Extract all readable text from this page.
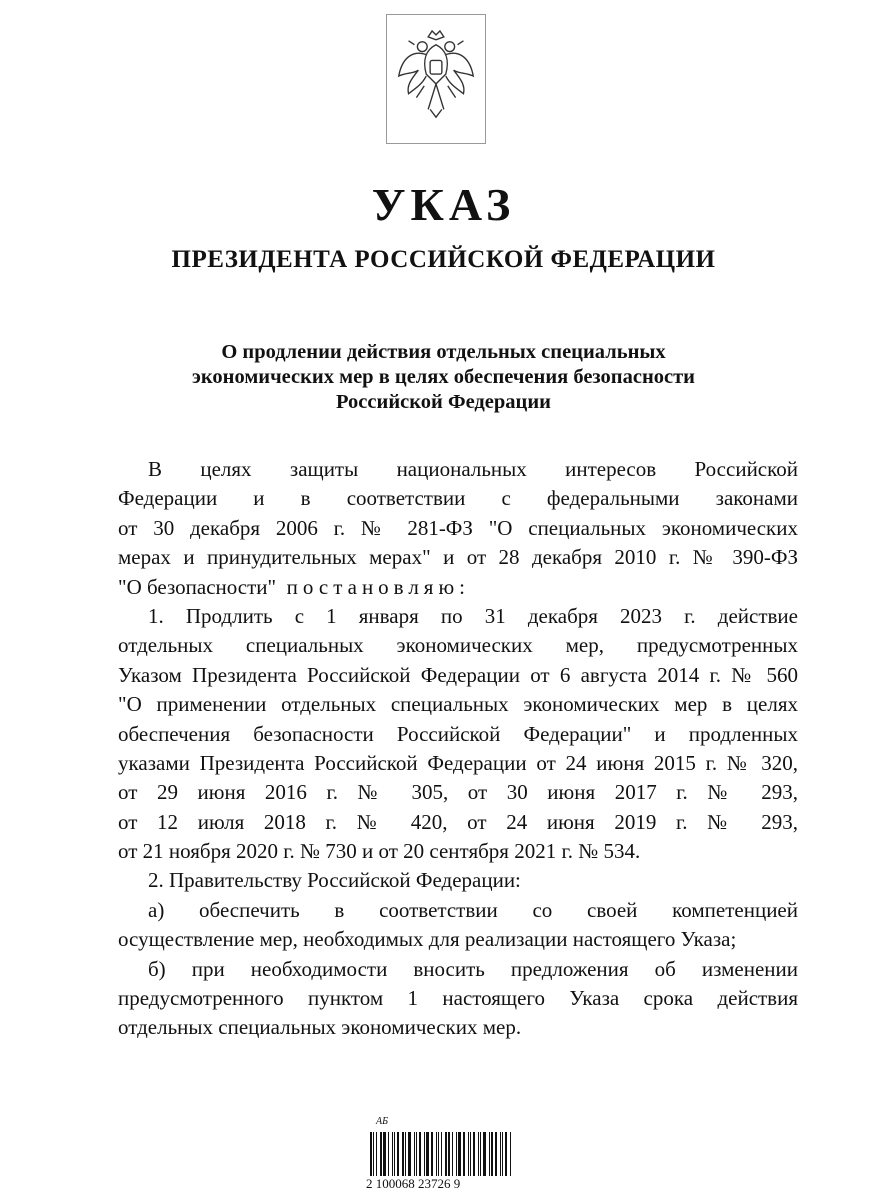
УКАЗ
ПРЕЗИДЕНТА РОССИЙСКОЙ ФЕДЕРАЦИИ
О продлении действия отдельных специальных
экономических мер в целях обеспечения безопасности
Российской Федерации
В целях защиты национальных интересов Российской
Федерации и в соответствии с федеральными законами
от 30 декабря 2006 г. № 281-ФЗ "О специальных экономических
мерах и принудительных мерах" и от 28 декабря 2010 г. № 390-ФЗ
"О безопасности" постановляю:
1. Продлить с 1 января по 31 декабря 2023 г. действие
отдельных специальных экономических мер, предусмотренных
Указом Президента Российской Федерации от 6 августа 2014 г. № 560
"О применении отдельных специальных экономических мер в целях
обеспечения безопасности Российской Федерации" и продленных
указами Президента Российской Федерации от 24 июня 2015 г. № 320,
от 29 июня 2016 г. № 305, от 30 июня 2017 г. № 293,
от 12 июля 2018 г. № 420, от 24 июня 2019 г. № 293,
от 21 ноября 2020 г. № 730 и от 20 сентября 2021 г. № 534.
2. Правительству Российской Федерации:
а) обеспечить в соответствии со своей компетенцией
осуществление мер, необходимых для реализации настоящего Указа;
б) при необходимости вносить предложения об изменении
предусмотренного пунктом 1 настоящего Указа срока действия
отдельных специальных экономических мер.
АБ
2 100068 23726 9
